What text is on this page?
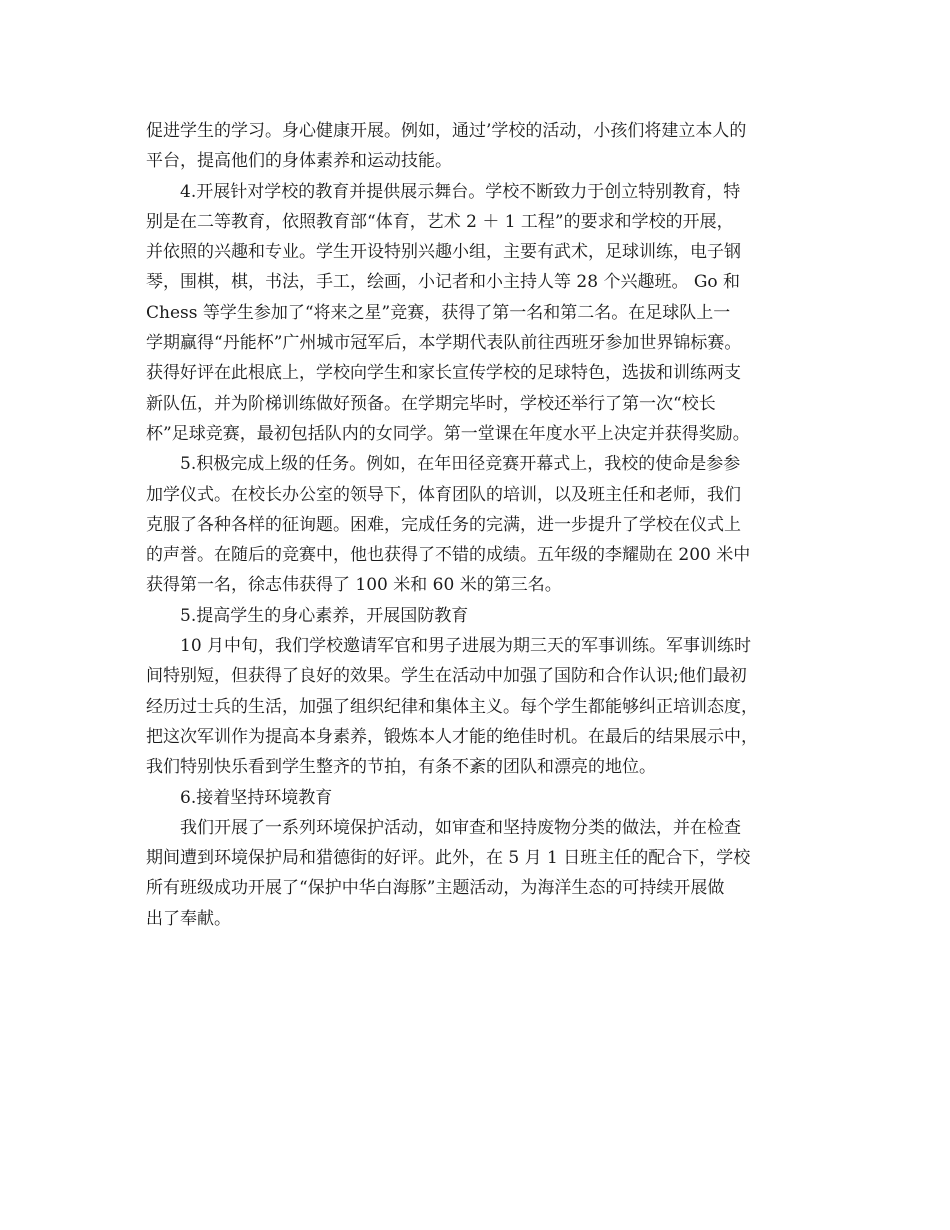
促进学生的学习。身心健康开展。例如，通过’学校的活动，小孩们将建立本人的
平台，提高他们的身体素养和运动技能。
4.开展针对学校的教育并提供展示舞台。学校不断致力于创立特别教育，特
别是在二等教育，依照教育部“体育，艺术 2 ＋ 1 工程”的要求和学校的开展，
并依照的兴趣和专业。学生开设特别兴趣小组，主要有武术，足球训练，电子钢
琴，围棋，棋，书法，手工，绘画，小记者和小主持人等 28 个兴趣班。 Go 和
Chess 等学生参加了“将来之星”竞赛，获得了第一名和第二名。在足球队上一
学期赢得“丹能杯”广州城市冠军后，本学期代表队前往西班牙参加世界锦标赛。
获得好评在此根底上，学校向学生和家长宣传学校的足球特色，选拔和训练两支
新队伍，并为阶梯训练做好预备。在学期完毕时，学校还举行了第一次“校长
杯”足球竞赛，最初包括队内的女同学。第一堂课在年度水平上决定并获得奖励。
5.积极完成上级的任务。例如，在年田径竞赛开幕式上，我校的使命是参参
加学仪式。在校长办公室的领导下，体育团队的培训，以及班主任和老师，我们
克服了各种各样的征询题。困难，完成任务的完满，进一步提升了学校在仪式上
的声誉。在随后的竞赛中，他也获得了不错的成绩。五年级的李耀勋在 200 米中
获得第一名，徐志伟获得了 100 米和 60 米的第三名。
5.提高学生的身心素养，开展国防教育
10 月中旬，我们学校邀请军官和男子进展为期三天的军事训练。军事训练时
间特别短，但获得了良好的效果。学生在活动中加强了国防和合作认识;他们最初
经历过士兵的生活，加强了组织纪律和集体主义。每个学生都能够纠正培训态度，
把这次军训作为提高本身素养，锻炼本人才能的绝佳时机。在最后的结果展示中，
我们特别快乐看到学生整齐的节拍，有条不紊的团队和漂亮的地位。
6.接着坚持环境教育
我们开展了一系列环境保护活动，如审查和坚持废物分类的做法，并在检查
期间遭到环境保护局和猎德街的好评。此外，在 5 月 1 日班主任的配合下，学校
所有班级成功开展了“保护中华白海豚”主题活动，为海洋生态的可持续开展做
出了奉献。
